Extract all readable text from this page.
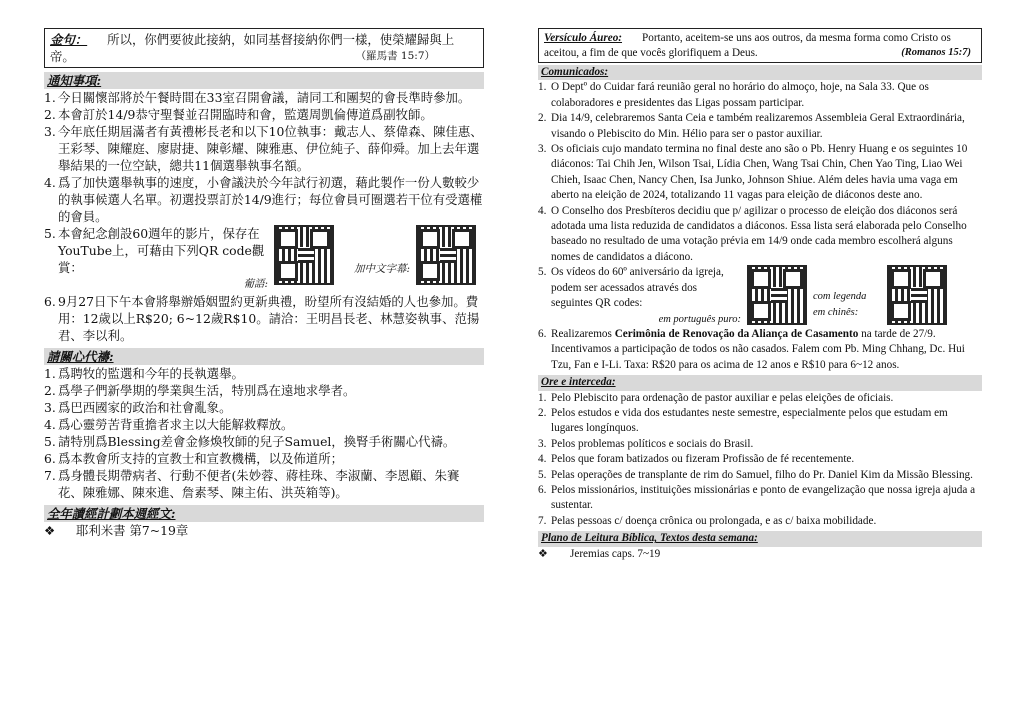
金句： 所以，你們要彼此接納，如同基督接納你們一樣，使榮耀歸與上帝。	（羅馬書 15:7）
通知事項:
1. 今日關懷部將於午餐時間在33室召開會議，請同工和團契的會長準時參加。
2. 本會訂於14/9恭守聖餐並召開臨時和會，監選周凱倫傳道爲副牧師。
3. 今年底任期屆滿者有黃禮彬長老和以下10位執事：戴志人、蔡偉森、陳佳惠、王彩琴、陳耀庭、廖尉捷、陳彰耀、陳雅惠、伊位純子、薛仰舜。加上去年選舉結果的一位空缺，總共11個選舉執事名額。
4. 爲了加快選舉執事的速度，小會議決於今年試行初選，藉此製作一份人數較少的執事候選人名單。初選投票訂於14/9進行；每位會員可圈選若干位有受選權的會員。
5. 本會紀念創設60週年的影片，保存在YouTube上，可藉由下列QR code觀賞：
葡語:
加中文字幕:
6. 9月27日下午本會將舉辦婚姻盟約更新典禮，盼望所有沒結婚的人也參加。費用：12歲以上R$20; 6~12歲R$10。請洽：王明昌長老、林慧姿執事、范揚君、李以利。
請關心代禱:
1. 爲聘牧的監選和今年的長執選舉。
2. 爲學子們新學期的學業與生活，特別爲在遠地求學者。
3. 爲巴西國家的政治和社會亂象。
4. 爲心靈勞苦背重擔者求主以大能解救釋放。
5. 請特別爲Blessing差會金修煥牧師的兒子Samuel，換腎手術關心代禱。
6. 爲本教會所支持的宣教士和宣教機構，以及佈道所；
7. 爲身體長期帶病者、行動不便者(朱妙蓉、蔣桂珠、李淑蘭、李恩顧、朱賽花、陳雅娜、陳來進、詹素琴、陳主佑、洪英箱等)。
全年讀經計劃本週經文:
❖ 耶利米書 第7~19章
Versículo Áureo: Portanto, aceitem-se uns aos outros, da mesma forma como Cristo os aceitou, a fim de que vocês glorifiquem a Deus.	(Romanos 15:7)
Comunicados:
1. O Deptº do Cuidar fará reunião geral no horário do almoço, hoje, na Sala 33. Que os colaboradores e presidentes das Ligas possam participar.
2. Dia 14/9, celebraremos Santa Ceia e também realizaremos Assembleia Geral Extraordinária, visando o Plebiscito do Min. Hélio para ser o pastor auxiliar.
3. Os oficiais cujo mandato termina no final deste ano são o Pb. Henry Huang e os seguintes 10 diáconos: Tai Chih Jen, Wilson Tsai, Lídia Chen, Wang Tsai Chin, Chen Yao Ting, Liao Wei Chieh, Isaac Chen, Nancy Chen, Isa Junko, Johnson Shiue. Além deles havia uma vaga em aberto na eleição de 2024, totalizando 11 vagas para eleição de diáconos deste ano.
4. O Conselho dos Presbíteros decidiu que p/ agilizar o processo de eleição dos diáconos será adotada uma lista reduzida de candidatos a diáconos. Essa lista será elaborada pelo Conselho baseado no resultado de uma votação prévia em 14/9 onde cada membro escolherá alguns nomes de candidatos a diácono.
5. Os vídeos do 60º aniversário da igreja, podem ser acessados através dos seguintes QR codes:
em português puro:
com legenda em chinês:
6. Realizaremos Cerimônia de Renovação da Aliança de Casamento na tarde de 27/9. Incentivamos a participação de todos os não casados. Falem com Pb. Ming Chhang, Dc. Hui Tzu, Fan e I-Li. Taxa: R$20 para os acima de 12 anos e R$10 para 6~12 anos.
Ore e interceda:
1. Pelo Plebiscito para ordenação de pastor auxiliar e pelas eleições de oficiais.
2. Pelos estudos e vida dos estudantes neste semestre, especialmente pelos que estudam em lugares longínquos.
3. Pelos problemas políticos e sociais do Brasil.
4. Pelos que foram batizados ou fizeram Profissão de fé recentemente.
5. Pelas operações de transplante de rim do Samuel, filho do Pr. Daniel Kim da Missão Blessing.
6. Pelos missionários, instituições missionárias e ponto de evangelização que nossa igreja ajuda a sustentar.
7. Pelas pessoas c/ doença crônica ou prolongada, e as c/ baixa mobilidade.
Plano de Leitura Bíblica, Textos desta semana:
❖ Jeremias caps. 7~19
